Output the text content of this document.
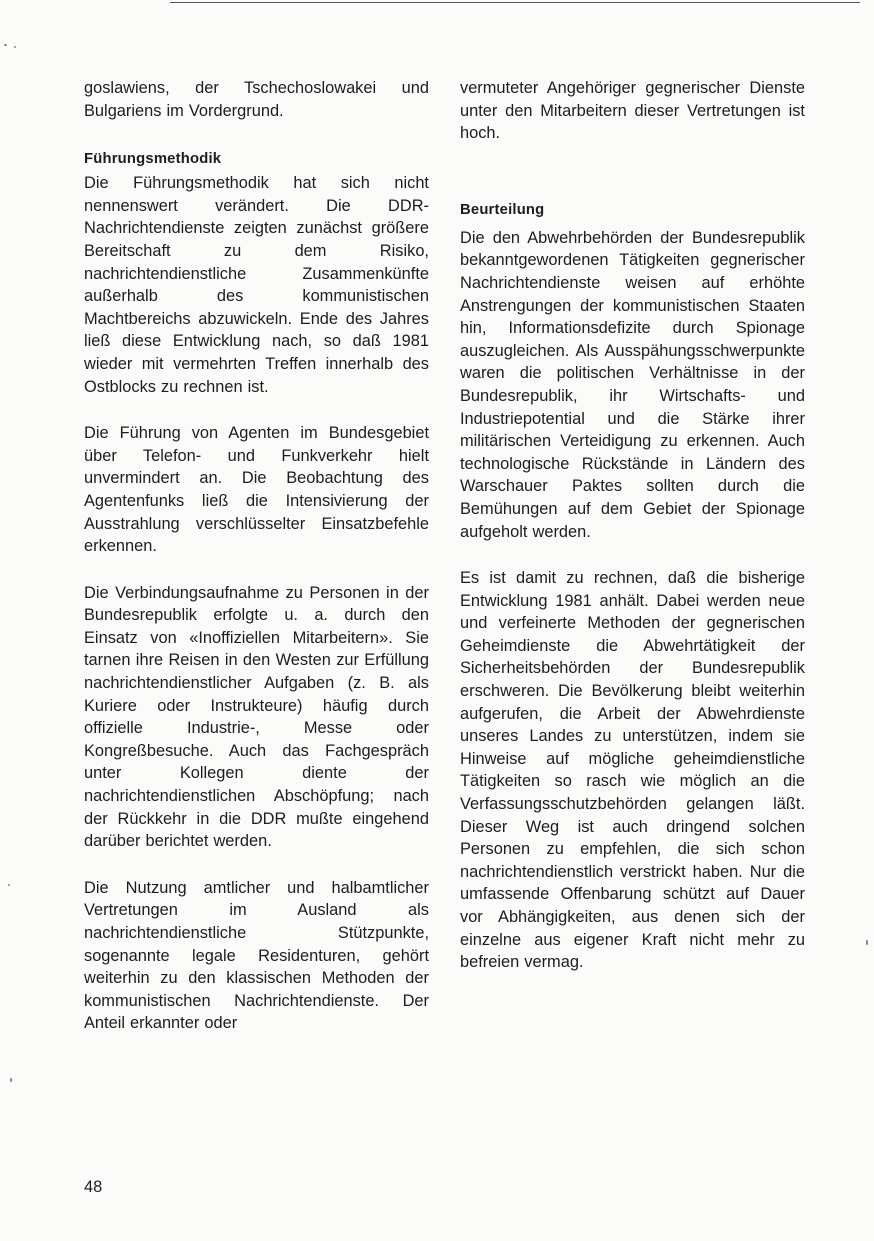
goslawiens, der Tschechoslowakei und Bulgariens im Vordergrund.

Führungsmethodik

Die Führungsmethodik hat sich nicht nennenswert verändert. Die DDR-Nachrichtendienste zeigten zunächst größere Bereitschaft zu dem Risiko, nachrichtendienstliche Zusammenkünfte außerhalb des kommunistischen Machtbereichs abzuwickeln. Ende des Jahres ließ diese Entwicklung nach, so daß 1981 wieder mit vermehrten Treffen innerhalb des Ostblocks zu rechnen ist.

Die Führung von Agenten im Bundesgebiet über Telefon- und Funkverkehr hielt unvermindert an. Die Beobachtung des Agentenfunks ließ die Intensivierung der Ausstrahlung verschlüsselter Einsatzbefehle erkennen.

Die Verbindungsaufnahme zu Personen in der Bundesrepublik erfolgte u. a. durch den Einsatz von «Inoffiziellen Mitarbeitern». Sie tarnen ihre Reisen in den Westen zur Erfüllung nachrichtendienstlicher Aufgaben (z. B. als Kuriere oder Instrukteure) häufig durch offizielle Industrie-, Messe oder Kongreßbesuche. Auch das Fachgespräch unter Kollegen diente der nachrichtendienstlichen Abschöpfung; nach der Rückkehr in die DDR mußte eingehend darüber berichtet werden.

Die Nutzung amtlicher und halbamtlicher Vertretungen im Ausland als nachrichtendienstliche Stützpunkte, sogenannte legale Residenturen, gehört weiterhin zu den klassischen Methoden der kommunistischen Nachrichtendienste. Der Anteil erkannter oder

vermuteter Angehöriger gegnerischer Dienste unter den Mitarbeitern dieser Vertretungen ist hoch.

Beurteilung

Die den Abwehrbehörden der Bundesrepublik bekanntgewordenen Tätigkeiten gegnerischer Nachrichtendienste weisen auf erhöhte Anstrengungen der kommunistischen Staaten hin, Informationsdefizite durch Spionage auszugleichen. Als Ausspähungsschwerpunkte waren die politischen Verhältnisse in der Bundesrepublik, ihr Wirtschafts- und Industriepotential und die Stärke ihrer militärischen Verteidigung zu erkennen. Auch technologische Rückstände in Ländern des Warschauer Paktes sollten durch die Bemühungen auf dem Gebiet der Spionage aufgeholt werden.

Es ist damit zu rechnen, daß die bisherige Entwicklung 1981 anhält. Dabei werden neue und verfeinerte Methoden der gegnerischen Geheimdienste die Abwehrtätigkeit der Sicherheitsbehörden der Bundesrepublik erschweren. Die Bevölkerung bleibt weiterhin aufgerufen, die Arbeit der Abwehrdienste unseres Landes zu unterstützen, indem sie Hinweise auf mögliche geheimdienstliche Tätigkeiten so rasch wie möglich an die Verfassungsschutzbehörden gelangen läßt. Dieser Weg ist auch dringend solchen Personen zu empfehlen, die sich schon nachrichtendienstlich verstrickt haben. Nur die umfassende Offenbarung schützt auf Dauer vor Abhängigkeiten, aus denen sich der einzelne aus eigener Kraft nicht mehr zu befreien vermag.

48
